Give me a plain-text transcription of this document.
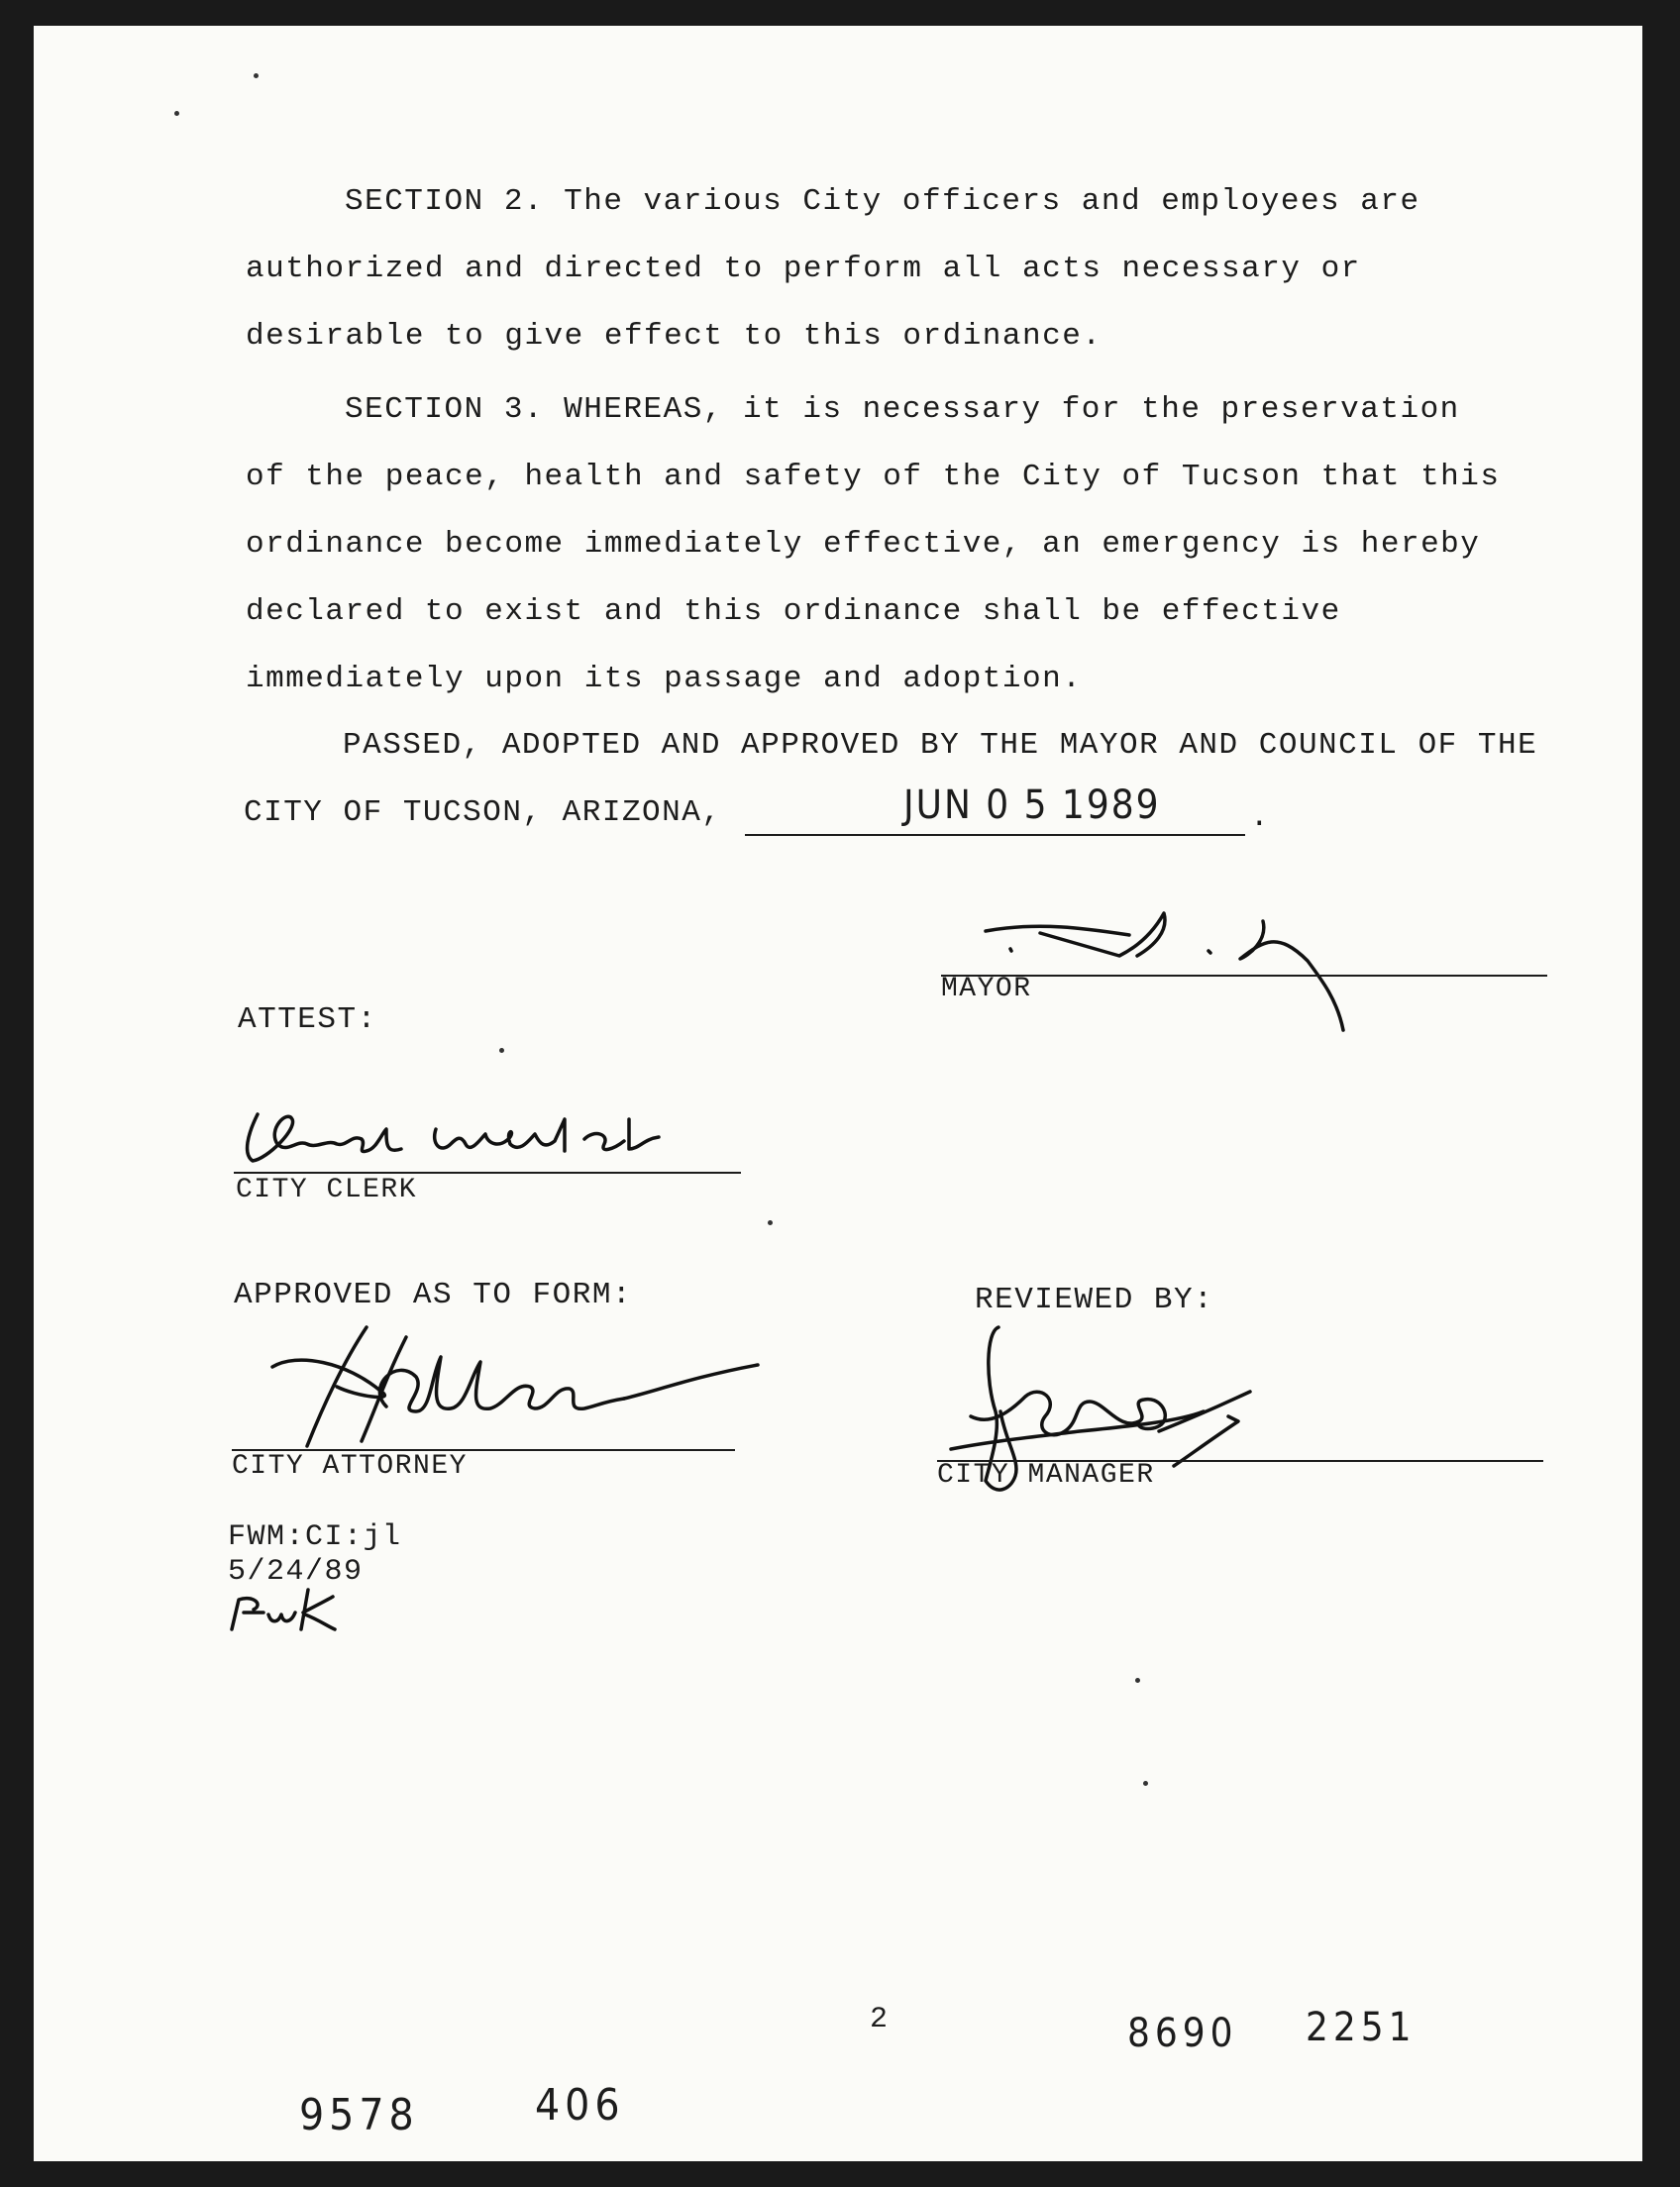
SECTION 2. The various City officers and employees are
authorized and directed to perform all acts necessary or
desirable to give effect to this ordinance.
SECTION 3. WHEREAS, it is necessary for the preservation
of the peace, health and safety of the City of Tucson that this
ordinance become immediately effective, an emergency is hereby
declared to exist and this ordinance shall be effective
immediately upon its passage and adoption.
PASSED, ADOPTED AND APPROVED BY THE MAYOR AND COUNCIL OF THE
CITY OF TUCSON, ARIZONA,	JUN 0 5 1989	.
MAYOR
ATTEST:
CITY CLERK
APPROVED AS TO FORM:
CITY ATTORNEY
REVIEWED BY:
CITY MANAGER
FWM:CI:jl
5/24/89
2	8690 2251
9578	406
